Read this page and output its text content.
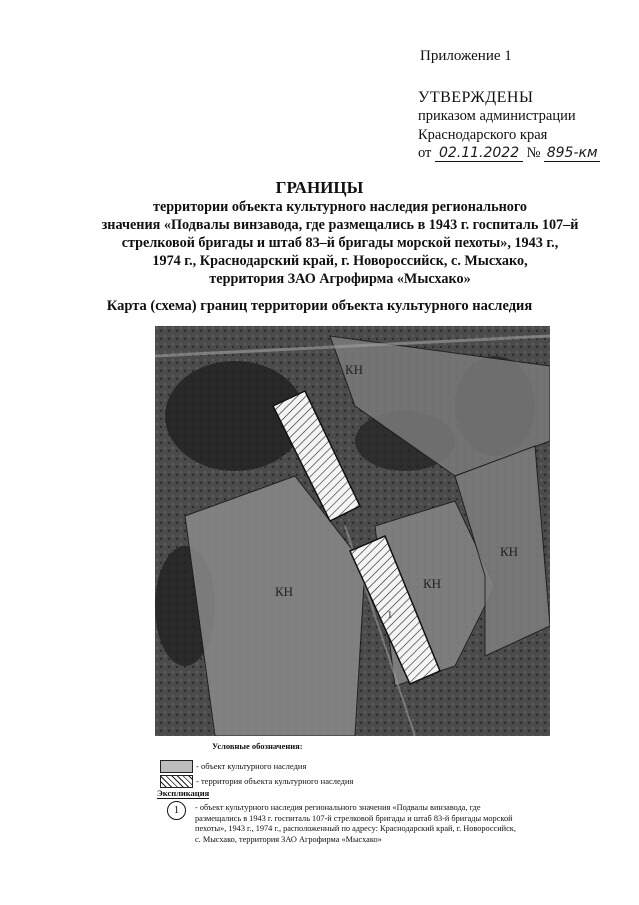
Приложение 1
УТВЕРЖДЕНЫ
приказом администрации
Краснодарского края
от 02.11.2022 № 895-км
ГРАНИЦЫ
территории объекта культурного наследия регионального
значения «Подвалы винзавода, где размещались в 1943 г. госпиталь 107–й
стрелковой бригады и штаб 83–й бригады морской пехоты», 1943 г.,
1974 г., Краснодарский край, г. Новороссийск, с. Мысхако,
территория ЗАО Агрофирма «Мысхако»
Карта (схема) границ территории объекта культурного наследия
КН
КН
КН
КН
1
Условные обозначения:
- объект культурного наследия
- территория объекта культурного наследия
Экспликация
1	- объект культурного наследия регионального значения «Подвалы винзавода, где
размещались в 1943 г. госпиталь 107-й стрелковой бригады и штаб 83-й бригады морской
пехоты», 1943 г., 1974 г., расположенный по адресу: Краснодарский край, г. Новороссийск,
с. Мысхако, территория ЗАО Агрофирма «Мысхако»
